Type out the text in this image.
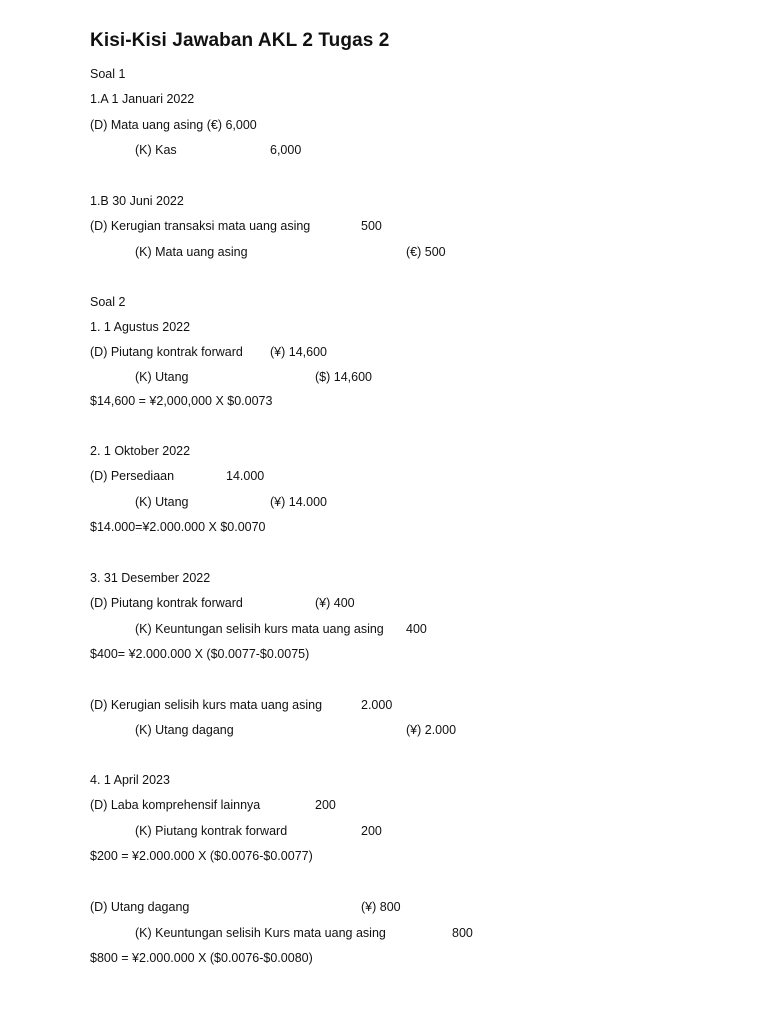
Kisi-Kisi Jawaban AKL 2 Tugas 2
Soal 1
1.A 1 Januari 2022
(D) Mata uang asing (€) 6,000
(K) Kas	6,000
1.B 30 Juni 2022
(D) Kerugian transaksi mata uang asing	500
(K) Mata uang asing	(€) 500
Soal 2
1. 1 Agustus 2022
(D) Piutang kontrak forward (¥) 14,600
(K) Utang	($) 14,600
$14,600 = ¥2,000,000 X $0.0073
2. 1 Oktober 2022
(D) Persediaan	14.000
(K) Utang	(¥) 14.000
$14.000=¥2.000.000 X $0.0070
3. 31 Desember 2022
(D) Piutang kontrak forward	(¥) 400
(K) Keuntungan selisih kurs mata uang asing 400
$400= ¥2.000.000 X ($0.0077-$0.0075)
(D) Kerugian selisih kurs mata uang asing	2.000
(K) Utang dagang	(¥) 2.000
4. 1 April 2023
(D) Laba komprehensif lainnya	200
(K) Piutang kontrak forward	200
$200 = ¥2.000.000 X ($0.0076-$0.0077)
(D) Utang dagang	(¥) 800
(K) Keuntungan selisih Kurs mata uang asing	800
$800 = ¥2.000.000 X ($0.0076-$0.0080)
